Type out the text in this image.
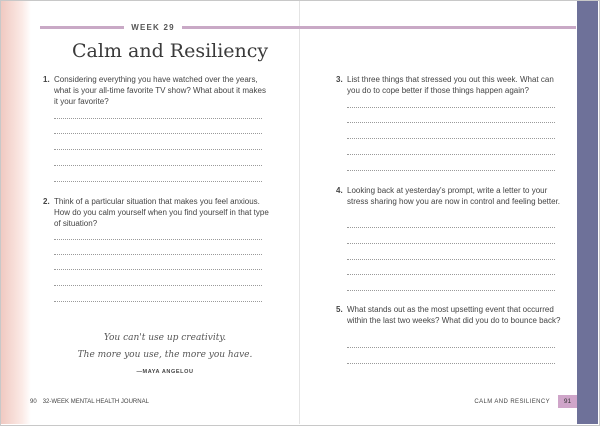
WEEK 29
Calm and Resiliency
1. Considering everything you have watched over the years, what is your all-time favorite TV show? What about it makes it your favorite?
2. Think of a particular situation that makes you feel anxious. How do you calm yourself when you find yourself in that type of situation?
You can't use up creativity.
The more you use, the more you have.
—MAYA ANGELOU
3. List three things that stressed you out this week. What can you do to cope better if those things happen again?
4. Looking back at yesterday's prompt, write a letter to your stress sharing how you are now in control and feeling better.
5. What stands out as the most upsetting event that occurred within the last two weeks? What did you do to bounce back?
90 32-WEEK MENTAL HEALTH JOURNAL	CALM AND RESILIENCY	91
